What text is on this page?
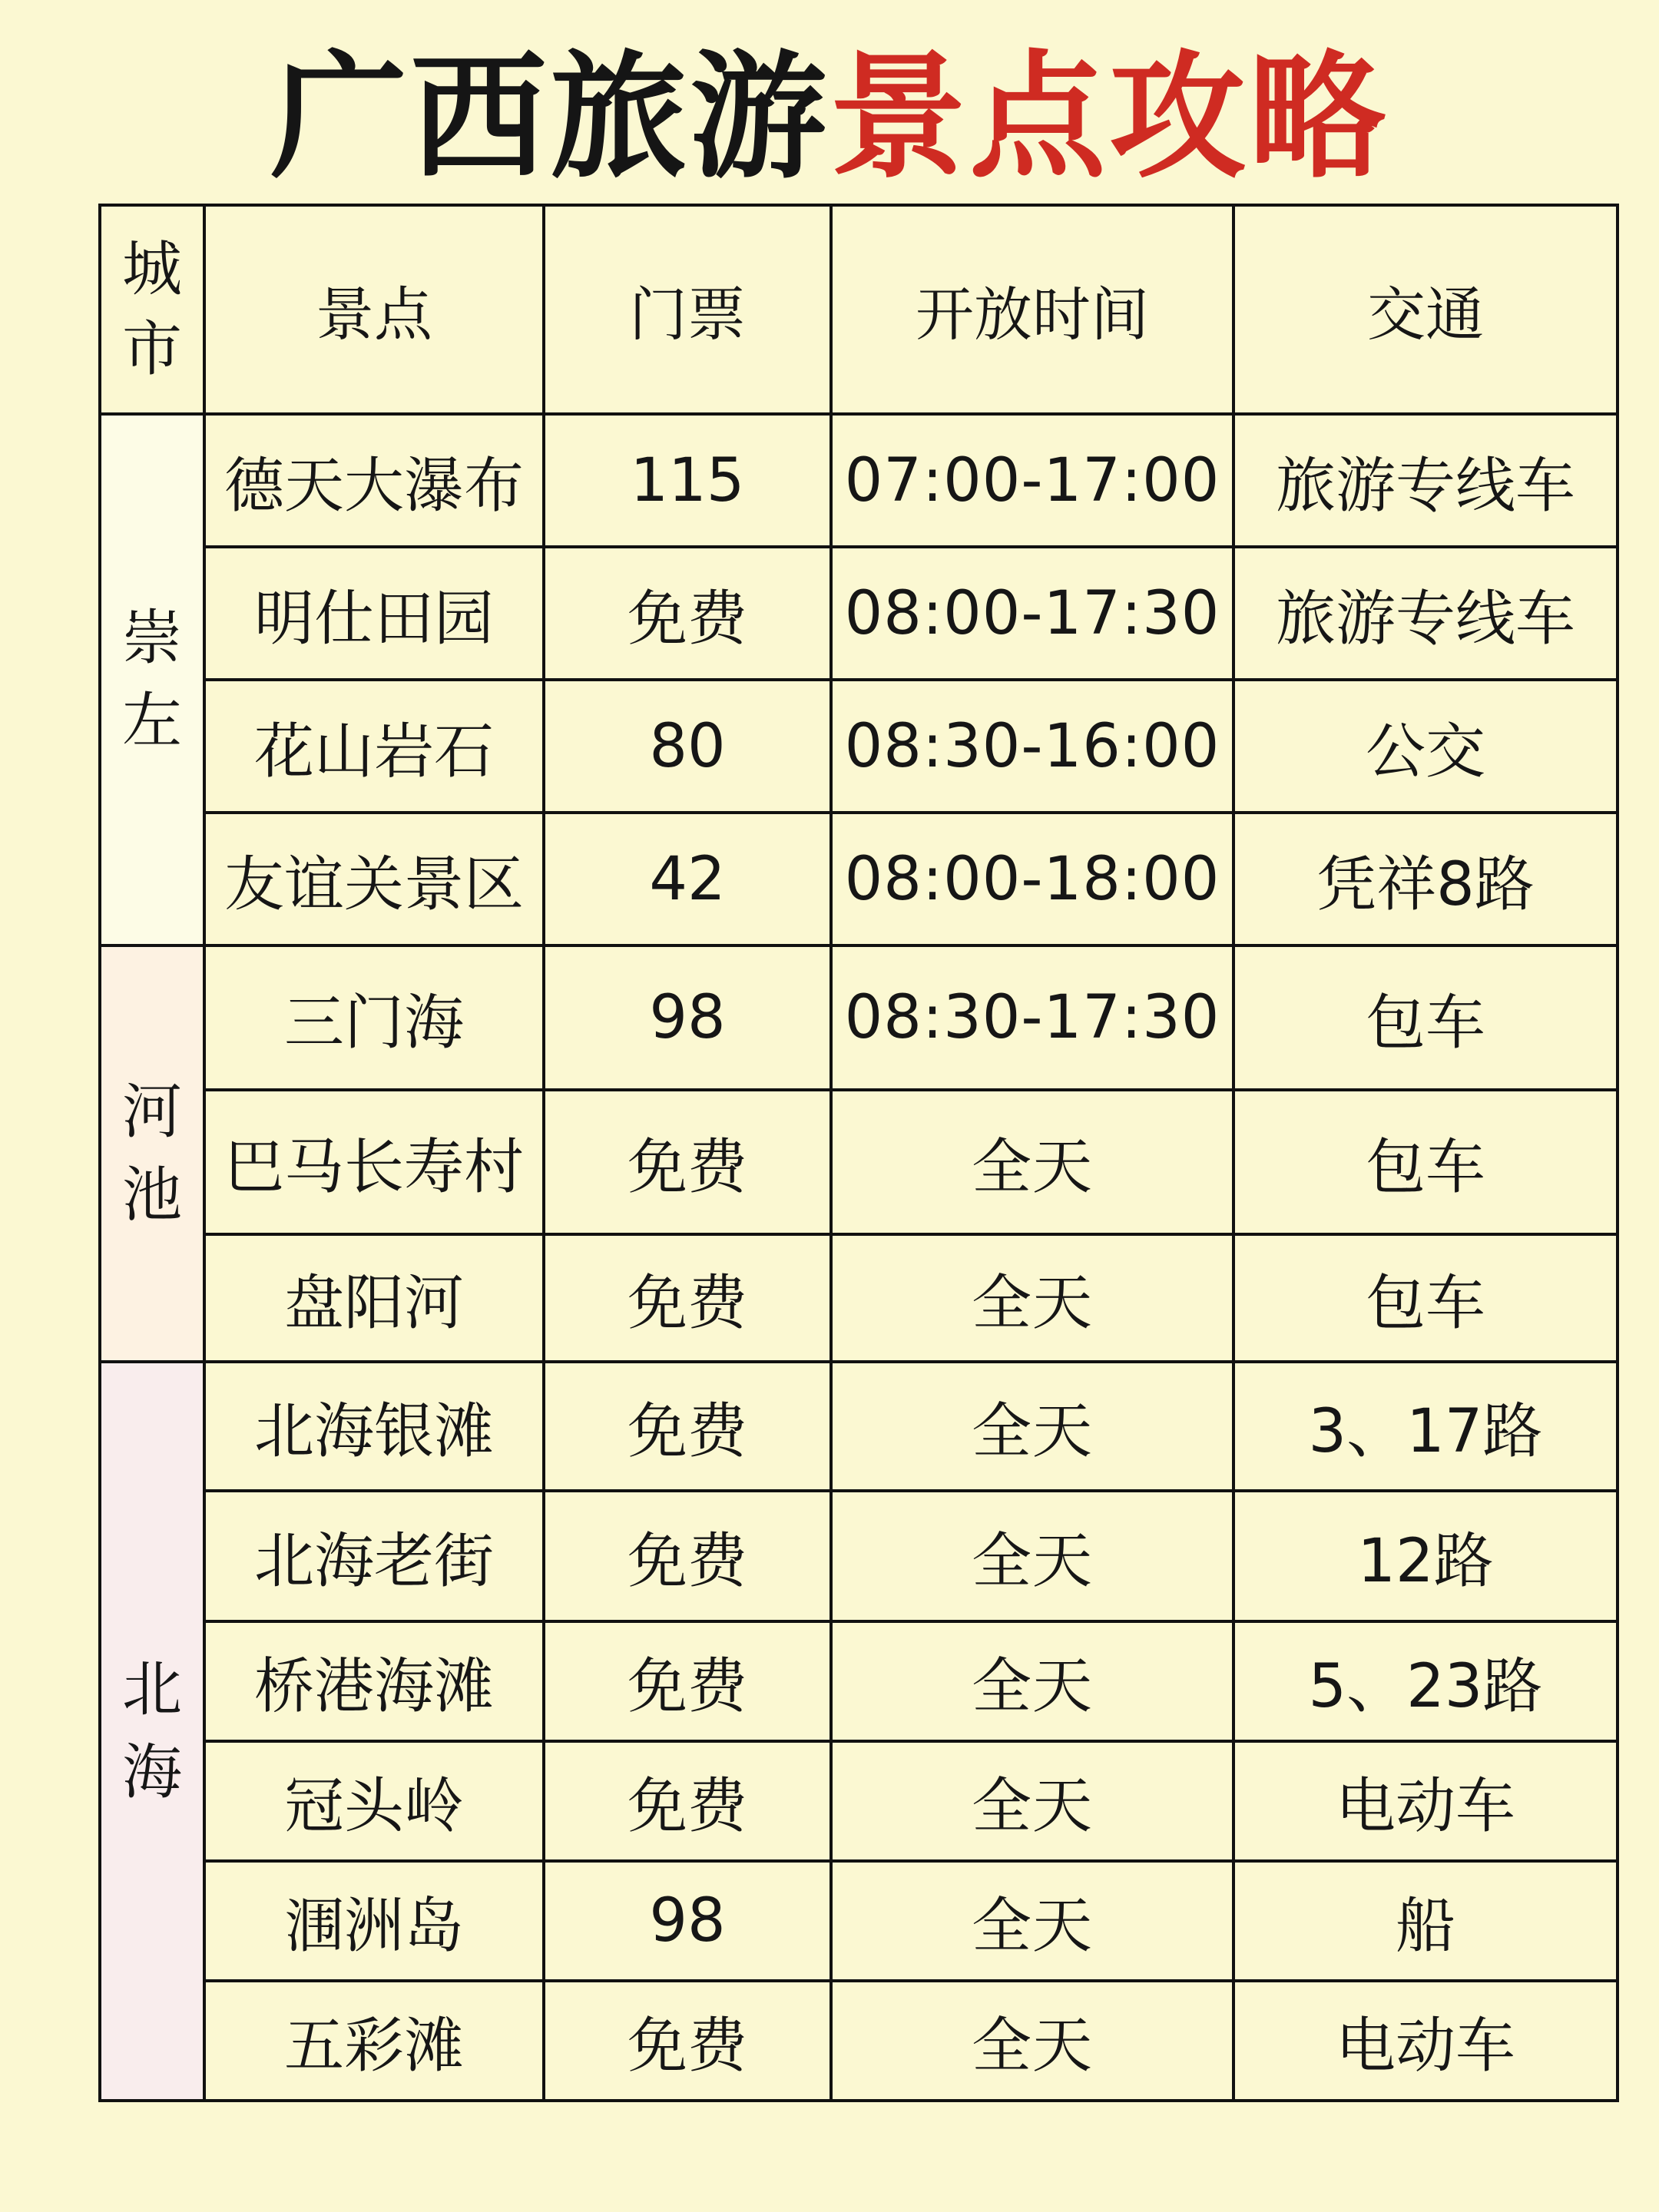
广西旅游景点攻略
城市	景点	门票	开放时间	交通
崇左	德天大瀑布	115	07:00-17:00	旅游专线车
	明仕田园	免费	08:00-17:30	旅游专线车
	花山岩石	80	08:30-16:00	公交
	友谊关景区	42	08:00-18:00	凭祥8路
河池	三门海	98	08:30-17:30	包车
	巴马长寿村	免费	全天	包车
	盘阳河	免费	全天	包车
北海	北海银滩	免费	全天	3、17路
	北海老街	免费	全天	12路
	桥港海滩	免费	全天	5、23路
	冠头岭	免费	全天	电动车
	涠洲岛	98	全天	船
	五彩滩	免费	全天	电动车
